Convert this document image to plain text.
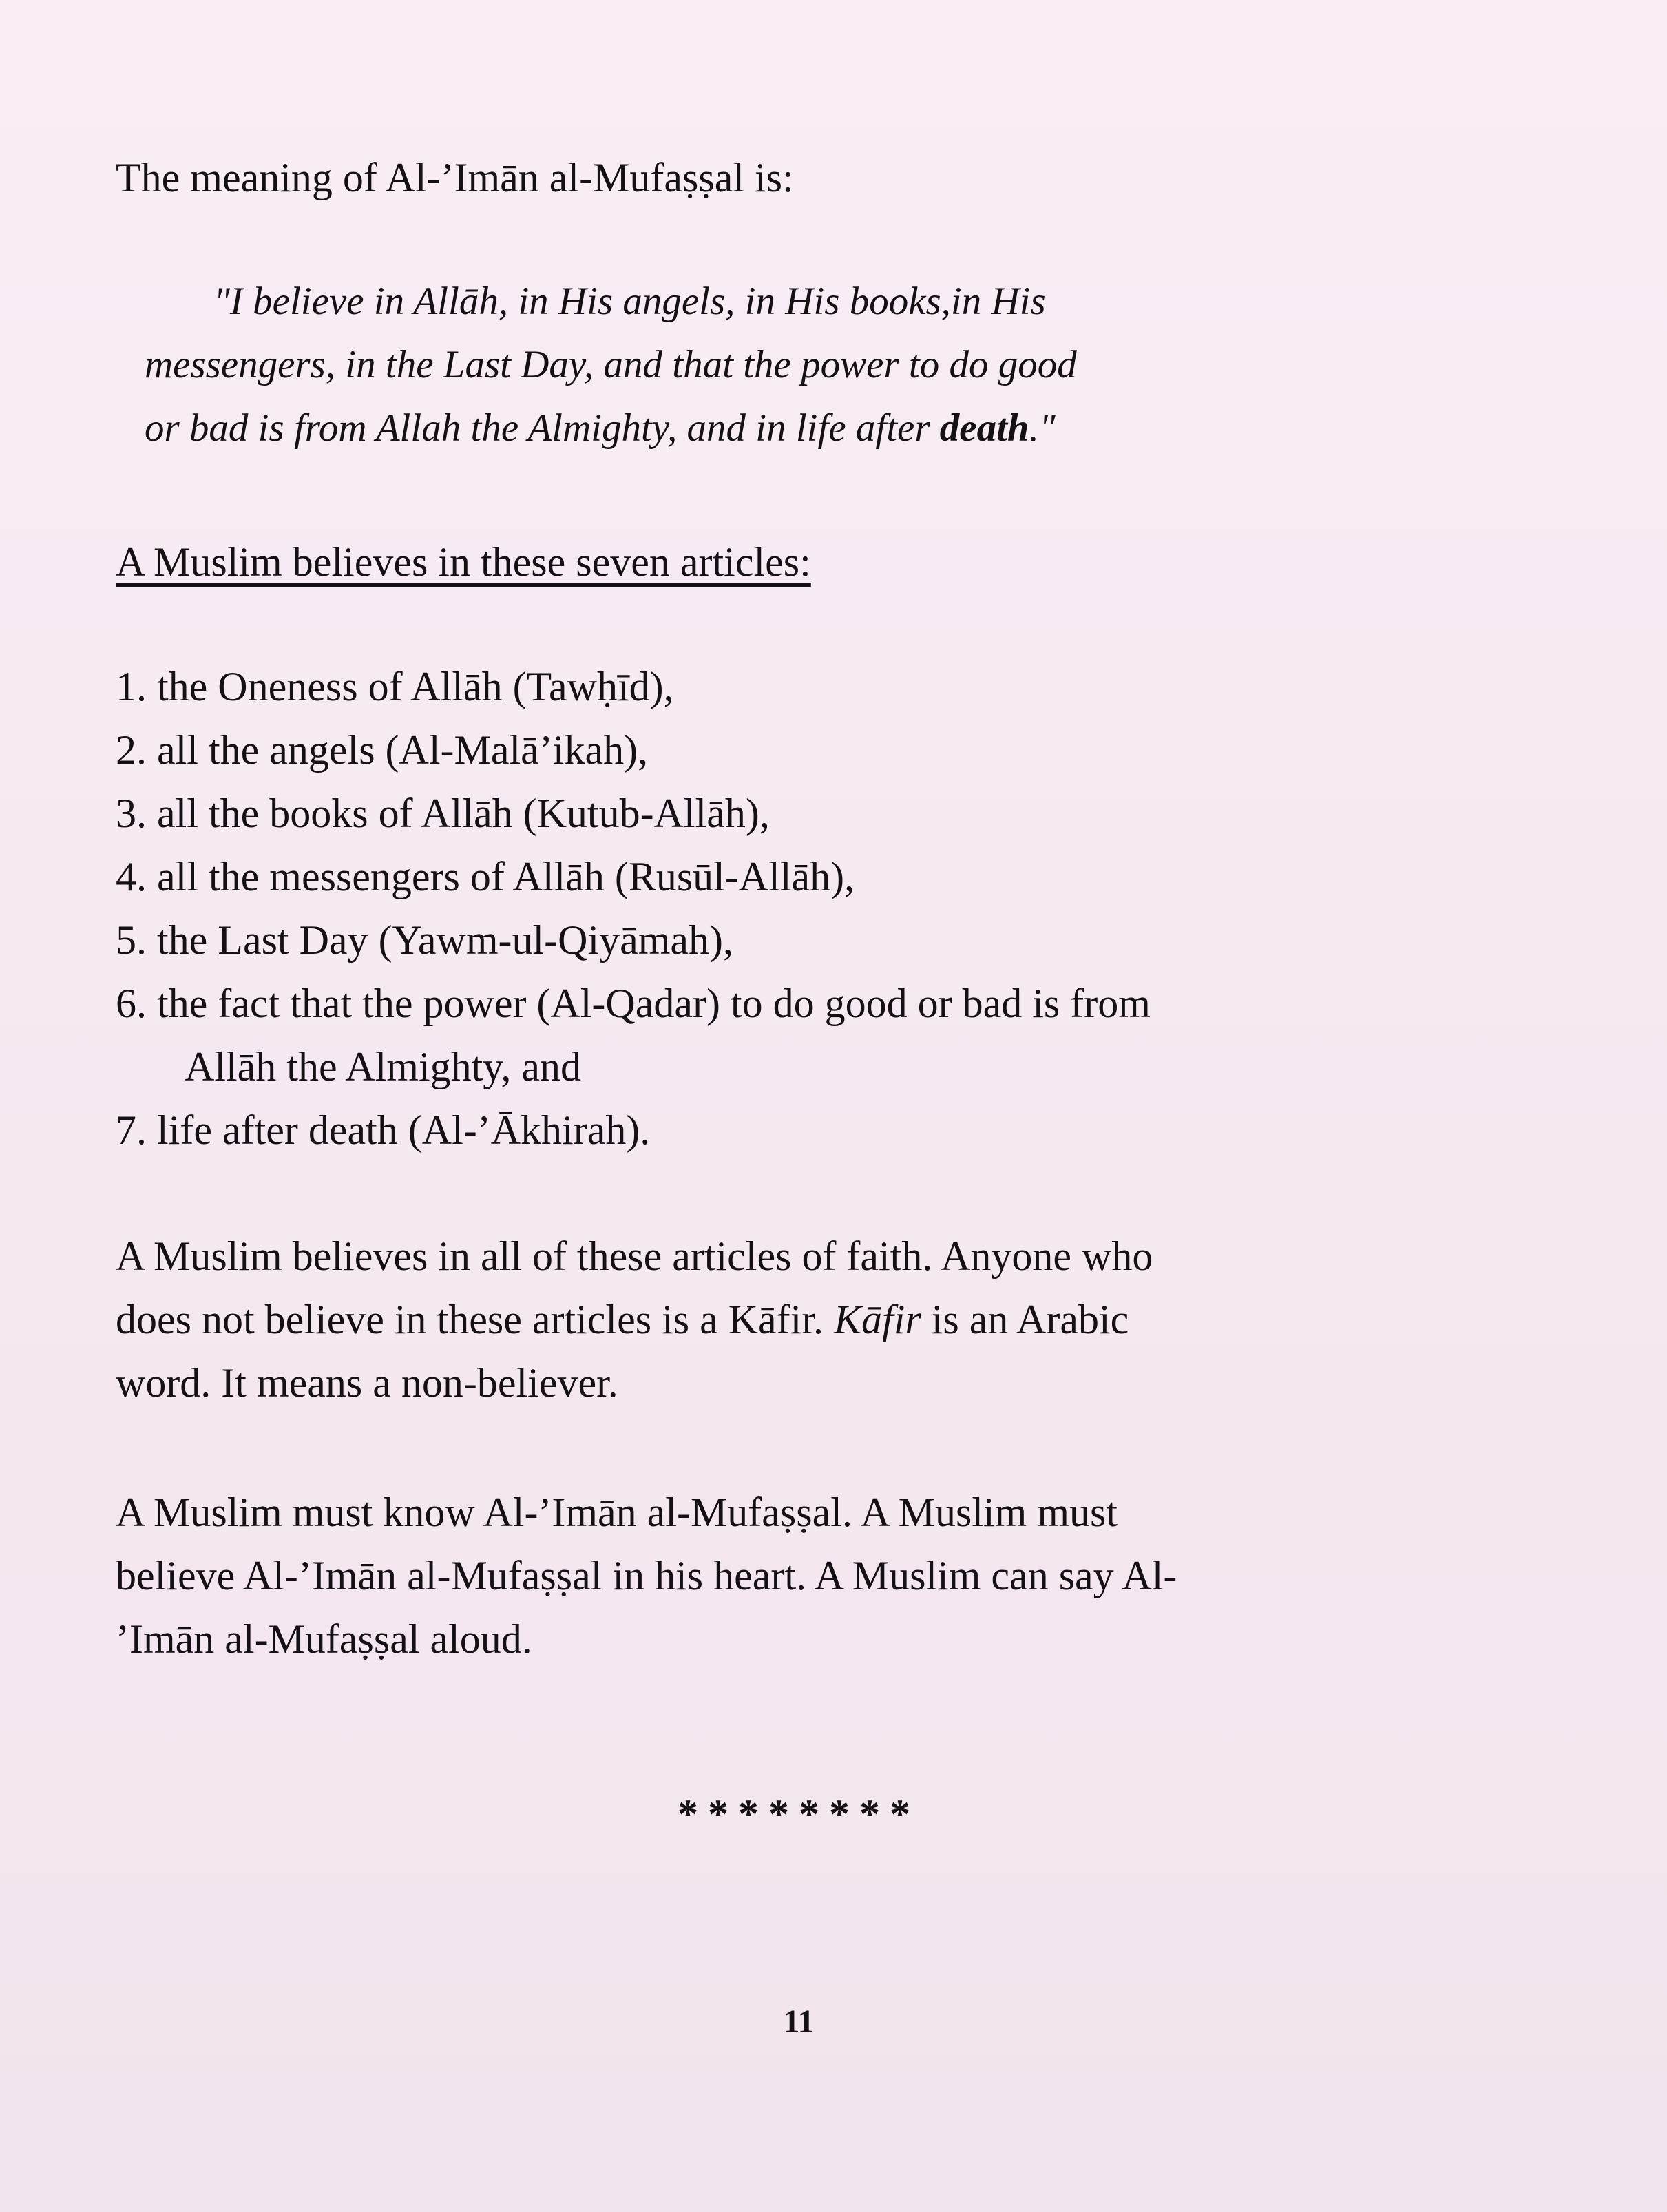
The meaning of Al-’Imān al-Mufaṣṣal is:
"I believe in Allāh, in His angels, in His books,in His
messengers, in the Last Day, and that the power to do good
or bad is from Allah the Almighty, and in life after death."
A Muslim believes in these seven articles:
1. the Oneness of Allāh (Tawḥīd),
2. all the angels (Al-Malā’ikah),
3. all the books of Allāh (Kutub-Allāh),
4. all the messengers of Allāh (Rusūl-Allāh),
5. the Last Day (Yawm-ul-Qiyāmah),
6. the fact that the power (Al-Qadar) to do good or bad is from
Allāh the Almighty, and
7. life after death (Al-’Ākhirah).
A Muslim believes in all of these articles of faith. Anyone who
does not believe in these articles is a Kāfir. Kāfir is an Arabic
word. It means a non-believer.
A Muslim must know Al-’Imān al-Mufaṣṣal. A Muslim must
believe Al-’Imān al-Mufaṣṣal in his heart. A Muslim can say Al-
’Imān al-Mufaṣṣal aloud.
********
11
